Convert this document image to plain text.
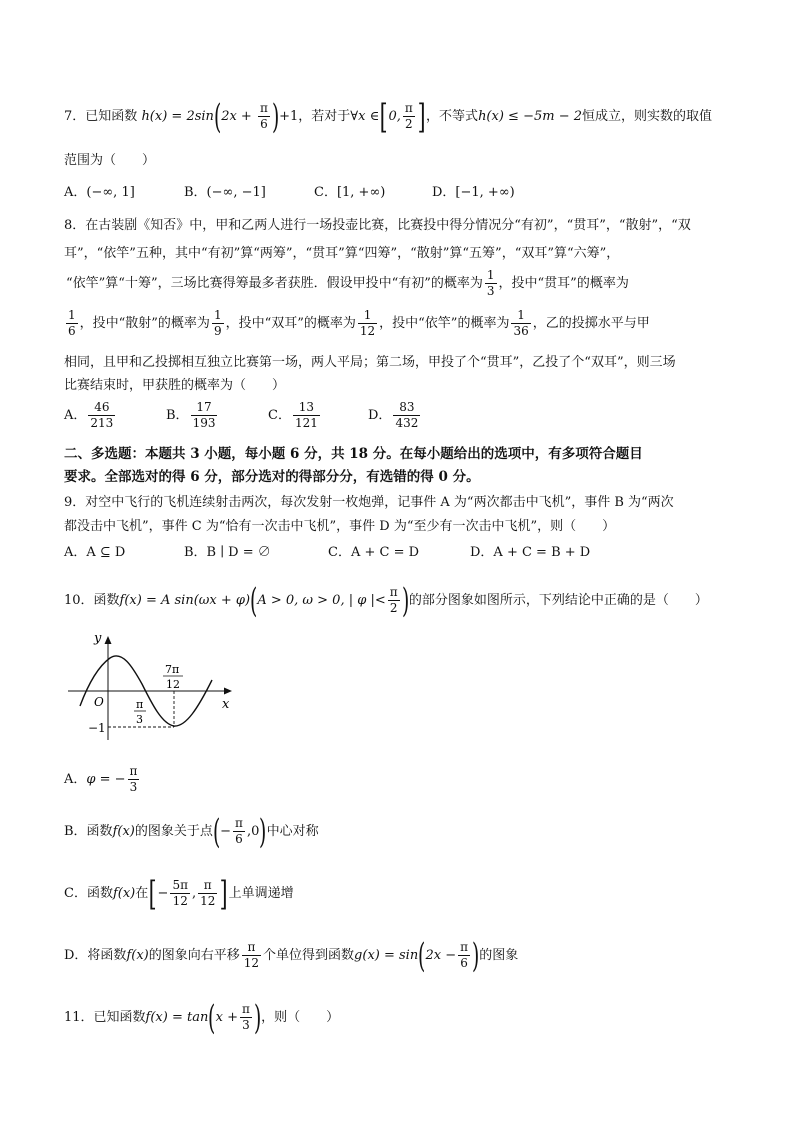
7．已知函数 $h(x) = 2\sin(2x + \frac{\pi}{6} )+1$，若对于∀x ∈[0, $\frac{\pi}{2}$ ]，不等式h(x) ≤ −5m − 2恒成立，则实数的取值
范围为（　　）
A．(−∞, 1]	B．(−∞, −1]	C．[1, +∞)	D．[−1, +∞)
8．在古装剧《知否》中，甲和乙两人进行一场投壶比赛，比赛投中得分情况分“有初”，“贯耳”，“散射”，“双
耳”，“依竿”五种，其中“有初”算“两筹”，“贯耳”算“四筹”，“散射”算“五筹”，“双耳”算“六筹”，
“依竿”算“十筹”，三场比赛得筹最多者获胜．假设甲投中“有初”的概率为 $\frac{1}{3}$ ，投中“贯耳”的概率为
$\frac{1}{6}$ ，投中“散射”的概率为 $\frac{1}{9}$ ，投中“双耳”的概率为 $\frac{1}{12}$ ，投中“依竿”的概率为 $\frac{1}{36}$ ，乙的投掷水平与甲
相同，且甲和乙投掷相互独立比赛第一场，两人平局；第二场，甲投了个“贯耳”，乙投了个“双耳”，则三场
比赛结束时，甲获胜的概率为（　　）
A． $\frac{46}{213}$	B． $\frac{17}{193}$	C． $\frac{13}{121}$	D． $\frac{83}{432}$
二、多选题：本题共 3 小题，每小题 6 分，共 18 分。在每小题给出的选项中，有多项符合题目
要求。全部选对的得 6 分，部分选对的得部分分，有选错的得 0 分。
9．对空中飞行的飞机连续射击两次，每次发射一枚炮弹，记事件 A 为“两次都击中飞机”，事件 B 为“两次
都没击中飞机”，事件 C 为“恰有一次击中飞机”，事件 D 为“至少有一次击中飞机”，则（　　）
A．A ⊆ D	B．B ∣ D = ∅	C．A + C = D	D．A + C = B + D
10．函数f(x) = A sin(ωx + φ)(A > 0, ω > 0, | φ |< $\frac{\pi}{2}$ )的部分图象如图所示，下列结论中正确的是（　　）
y
x
O
−1
π
3
7π
12
A．φ = − $\frac{\pi}{3}$
B．函数f(x)的图象关于点(− $\frac{\pi}{6} ,0$)中心对称
C．函数f(x)在[− $\frac{5\pi}{12}$ , $\frac{\pi}{12}$ ]上单调递增
D．将函数f(x)的图象向右平移 $\frac{\pi}{12}$ 个单位得到函数$g(x) = \sin(2x - \frac{\pi}{6}$ )的图象
11．已知函数$f(x) = \tan(x + \frac{\pi}{3}$ )，则（　　）
